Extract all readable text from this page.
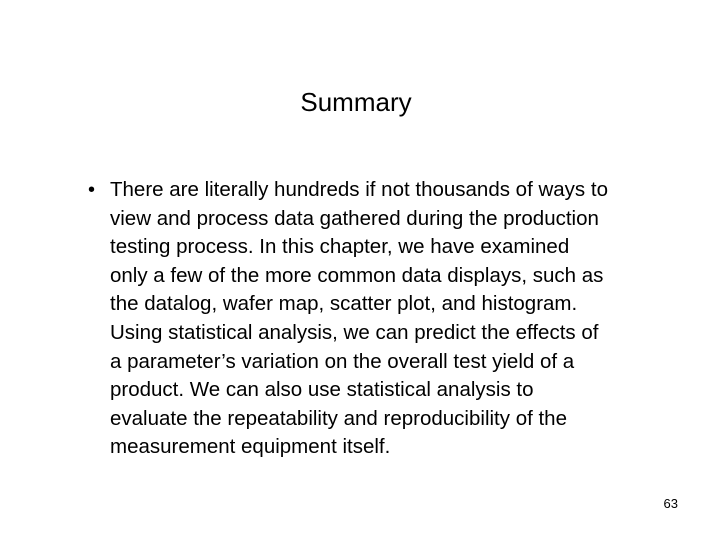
Summary
• There are literally hundreds if not thousands of ways to
view and process data gathered during the production
testing process. In this chapter, we have examined
only a few of the more common data displays, such as
the datalog, wafer map, scatter plot, and histogram.
Using statistical analysis, we can predict the effects of
a parameter’s variation on the overall test yield of a
product. We can also use statistical analysis to
evaluate the repeatability and reproducibility of the
measurement equipment itself.
63
